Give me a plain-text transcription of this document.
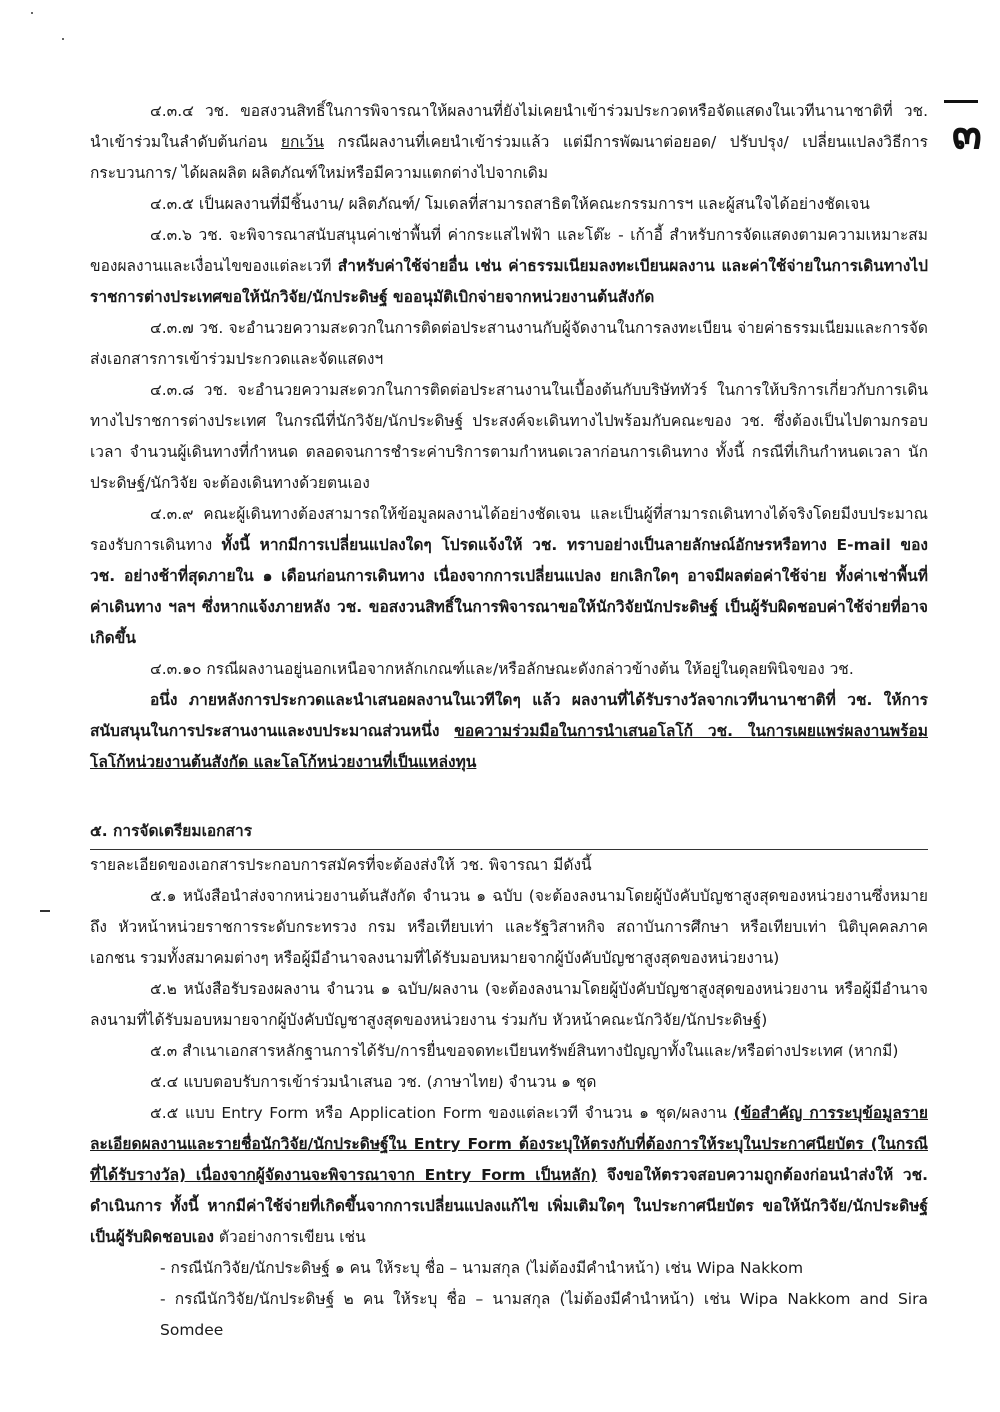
๓

๔.๓.๔ วช. ขอสงวนสิทธิ์ในการพิจารณาให้ผลงานที่ยังไม่เคยนำเข้าร่วมประกวดหรือจัดแสดงในเวทีนานาชาติที่ วช. นำเข้าร่วมในลำดับต้นก่อน ยกเว้น กรณีผลงานที่เคยนำเข้าร่วมแล้ว แต่มีการพัฒนาต่อยอด/ ปรับปรุง/ เปลี่ยนแปลงวิธีการ กระบวนการ/ ได้ผลผลิต ผลิตภัณฑ์ใหม่หรือมีความแตกต่างไปจากเดิม

๔.๓.๕ เป็นผลงานที่มีชิ้นงาน/ ผลิตภัณฑ์/ โมเดลที่สามารถสาธิตให้คณะกรรมการฯ และผู้สนใจได้อย่างชัดเจน

๔.๓.๖ วช. จะพิจารณาสนับสนุนค่าเช่าพื้นที่ ค่ากระแสไฟฟ้า และโต๊ะ - เก้าอี้ สำหรับการจัดแสดงตามความเหมาะสมของผลงานและเงื่อนไขของแต่ละเวที สำหรับค่าใช้จ่ายอื่น เช่น ค่าธรรมเนียมลงทะเบียนผลงาน และค่าใช้จ่ายในการเดินทางไปราชการต่างประเทศขอให้นักวิจัย/นักประดิษฐ์ ขออนุมัติเบิกจ่ายจากหน่วยงานต้นสังกัด

๔.๓.๗ วช. จะอำนวยความสะดวกในการติดต่อประสานงานกับผู้จัดงานในการลงทะเบียน จ่ายค่าธรรมเนียมและการจัดส่งเอกสารการเข้าร่วมประกวดและจัดแสดงฯ

๔.๓.๘ วช. จะอำนวยความสะดวกในการติดต่อประสานงานในเบื้องต้นกับบริษัททัวร์ ในการให้บริการเกี่ยวกับการเดินทางไปราชการต่างประเทศ ในกรณีที่นักวิจัย/นักประดิษฐ์ ประสงค์จะเดินทางไปพร้อมกับคณะของ วช. ซึ่งต้องเป็นไปตามกรอบเวลา จำนวนผู้เดินทางที่กำหนด ตลอดจนการชำระค่าบริการตามกำหนดเวลาก่อนการเดินทาง ทั้งนี้ กรณีที่เกินกำหนดเวลา นักประดิษฐ์/นักวิจัย จะต้องเดินทางด้วยตนเอง

๔.๓.๙ คณะผู้เดินทางต้องสามารถให้ข้อมูลผลงานได้อย่างชัดเจน และเป็นผู้ที่สามารถเดินทางได้จริงโดยมีงบประมาณรองรับการเดินทาง ทั้งนี้ หากมีการเปลี่ยนแปลงใดๆ โปรดแจ้งให้ วช. ทราบอย่างเป็นลายลักษณ์อักษรหรือทาง E-mail ของ วช. อย่างช้าที่สุดภายใน ๑ เดือนก่อนการเดินทาง เนื่องจากการเปลี่ยนแปลง ยกเลิกใดๆ อาจมีผลต่อค่าใช้จ่าย ทั้งค่าเช่าพื้นที่ ค่าเดินทาง ฯลฯ ซึ่งหากแจ้งภายหลัง วช. ขอสงวนสิทธิ์ในการพิจารณาขอให้นักวิจัยนักประดิษฐ์ เป็นผู้รับผิดชอบค่าใช้จ่ายที่อาจเกิดขึ้น

๔.๓.๑๐ กรณีผลงานอยู่นอกเหนือจากหลักเกณฑ์และ/หรือลักษณะดังกล่าวข้างต้น ให้อยู่ในดุลยพินิจของ วช.

อนึ่ง ภายหลังการประกวดและนำเสนอผลงานในเวทีใดๆ แล้ว ผลงานที่ได้รับรางวัลจากเวทีนานาชาติที่ วช. ให้การสนับสนุนในการประสานงานและงบประมาณส่วนหนึ่ง ขอความร่วมมือในการนำเสนอโลโก้ วช. ในการเผยแพร่ผลงานพร้อมโลโก้หน่วยงานต้นสังกัด และโลโก้หน่วยงานที่เป็นแหล่งทุน

๕. การจัดเตรียมเอกสาร

รายละเอียดของเอกสารประกอบการสมัครที่จะต้องส่งให้ วช. พิจารณา มีดังนี้

๕.๑ หนังสือนำส่งจากหน่วยงานต้นสังกัด จำนวน ๑ ฉบับ (จะต้องลงนามโดยผู้บังคับบัญชาสูงสุดของหน่วยงานซึ่งหมายถึง หัวหน้าหน่วยราชการระดับกระทรวง กรม หรือเทียบเท่า และรัฐวิสาหกิจ สถาบันการศึกษา หรือเทียบเท่า นิติบุคคลภาคเอกชน รวมทั้งสมาคมต่างๆ หรือผู้มีอำนาจลงนามที่ได้รับมอบหมายจากผู้บังคับบัญชาสูงสุดของหน่วยงาน)

๕.๒ หนังสือรับรองผลงาน จำนวน ๑ ฉบับ/ผลงาน (จะต้องลงนามโดยผู้บังคับบัญชาสูงสุดของหน่วยงาน หรือผู้มีอำนาจลงนามที่ได้รับมอบหมายจากผู้บังคับบัญชาสูงสุดของหน่วยงาน ร่วมกับ หัวหน้าคณะนักวิจัย/นักประดิษฐ์)

๕.๓ สำเนาเอกสารหลักฐานการได้รับ/การยื่นขอจดทะเบียนทรัพย์สินทางปัญญาทั้งในและ/หรือต่างประเทศ (หากมี)

๕.๔ แบบตอบรับการเข้าร่วมนำเสนอ วช. (ภาษาไทย) จำนวน ๑ ชุด

๕.๕ แบบ Entry Form หรือ Application Form ของแต่ละเวที จำนวน ๑ ชุด/ผลงาน (ข้อสำคัญ การระบุข้อมูลรายละเอียดผลงานและรายชื่อนักวิจัย/นักประดิษฐ์ใน Entry Form ต้องระบุให้ตรงกับที่ต้องการให้ระบุในประกาศนียบัตร (ในกรณีที่ได้รับรางวัล) เนื่องจากผู้จัดงานจะพิจารณาจาก Entry Form เป็นหลัก) จึงขอให้ตรวจสอบความถูกต้องก่อนนำส่งให้ วช. ดำเนินการ ทั้งนี้ หากมีค่าใช้จ่ายที่เกิดขึ้นจากการเปลี่ยนแปลงแก้ไข เพิ่มเติมใดๆ ในประกาศนียบัตร ขอให้นักวิจัย/นักประดิษฐ์เป็นผู้รับผิดชอบเอง ตัวอย่างการเขียน เช่น

- กรณีนักวิจัย/นักประดิษฐ์ ๑ คน ให้ระบุ ชื่อ – นามสกุล (ไม่ต้องมีคำนำหน้า) เช่น Wipa Nakkom

- กรณีนักวิจัย/นักประดิษฐ์ ๒ คน ให้ระบุ ชื่อ – นามสกุล (ไม่ต้องมีคำนำหน้า) เช่น Wipa Nakkom and Sira Somdee
